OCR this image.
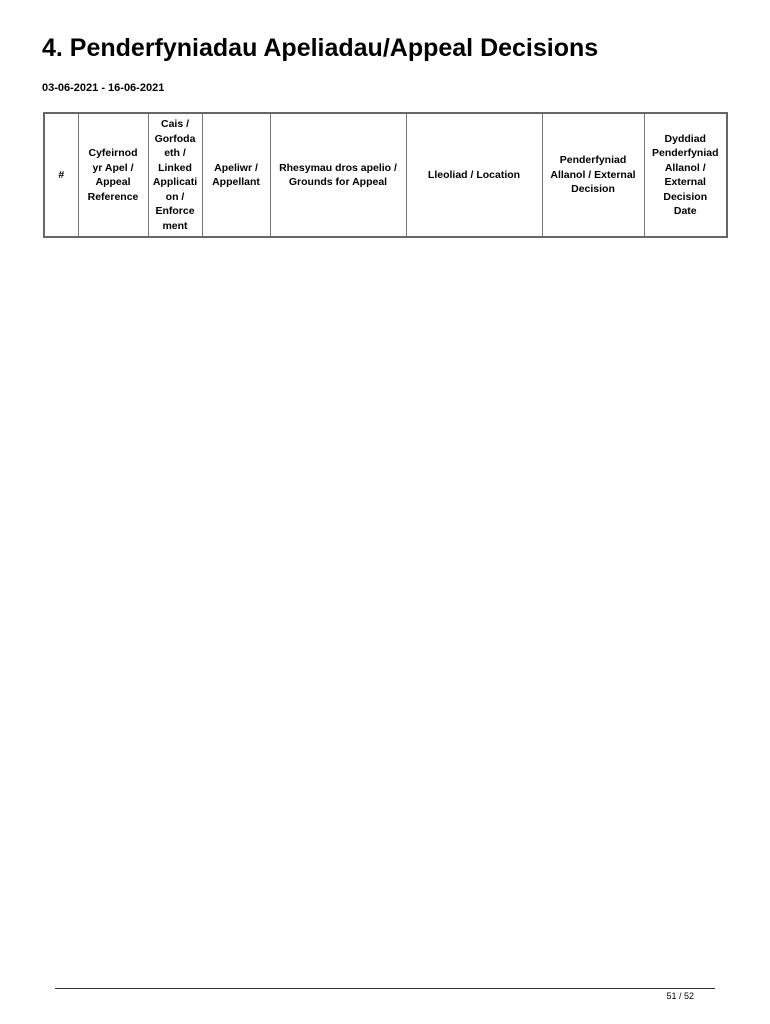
4. Penderfyniadau Apeliadau/Appeal Decisions
03-06-2021 - 16-06-2021
#	Cyfeirnod
yr Apel /
Appeal
Reference	Cais /
Gorfoda
eth /
Linked
Applicati
on /
Enforce
ment	Apeliwr /
Appellant	Rhesymau dros apelio /
Grounds for Appeal	Lleoliad / Location	Penderfyniad
Allanol / External
Decision	Dyddiad
Penderfyniad
Allanol /
External
Decision
Date
51 / 52
